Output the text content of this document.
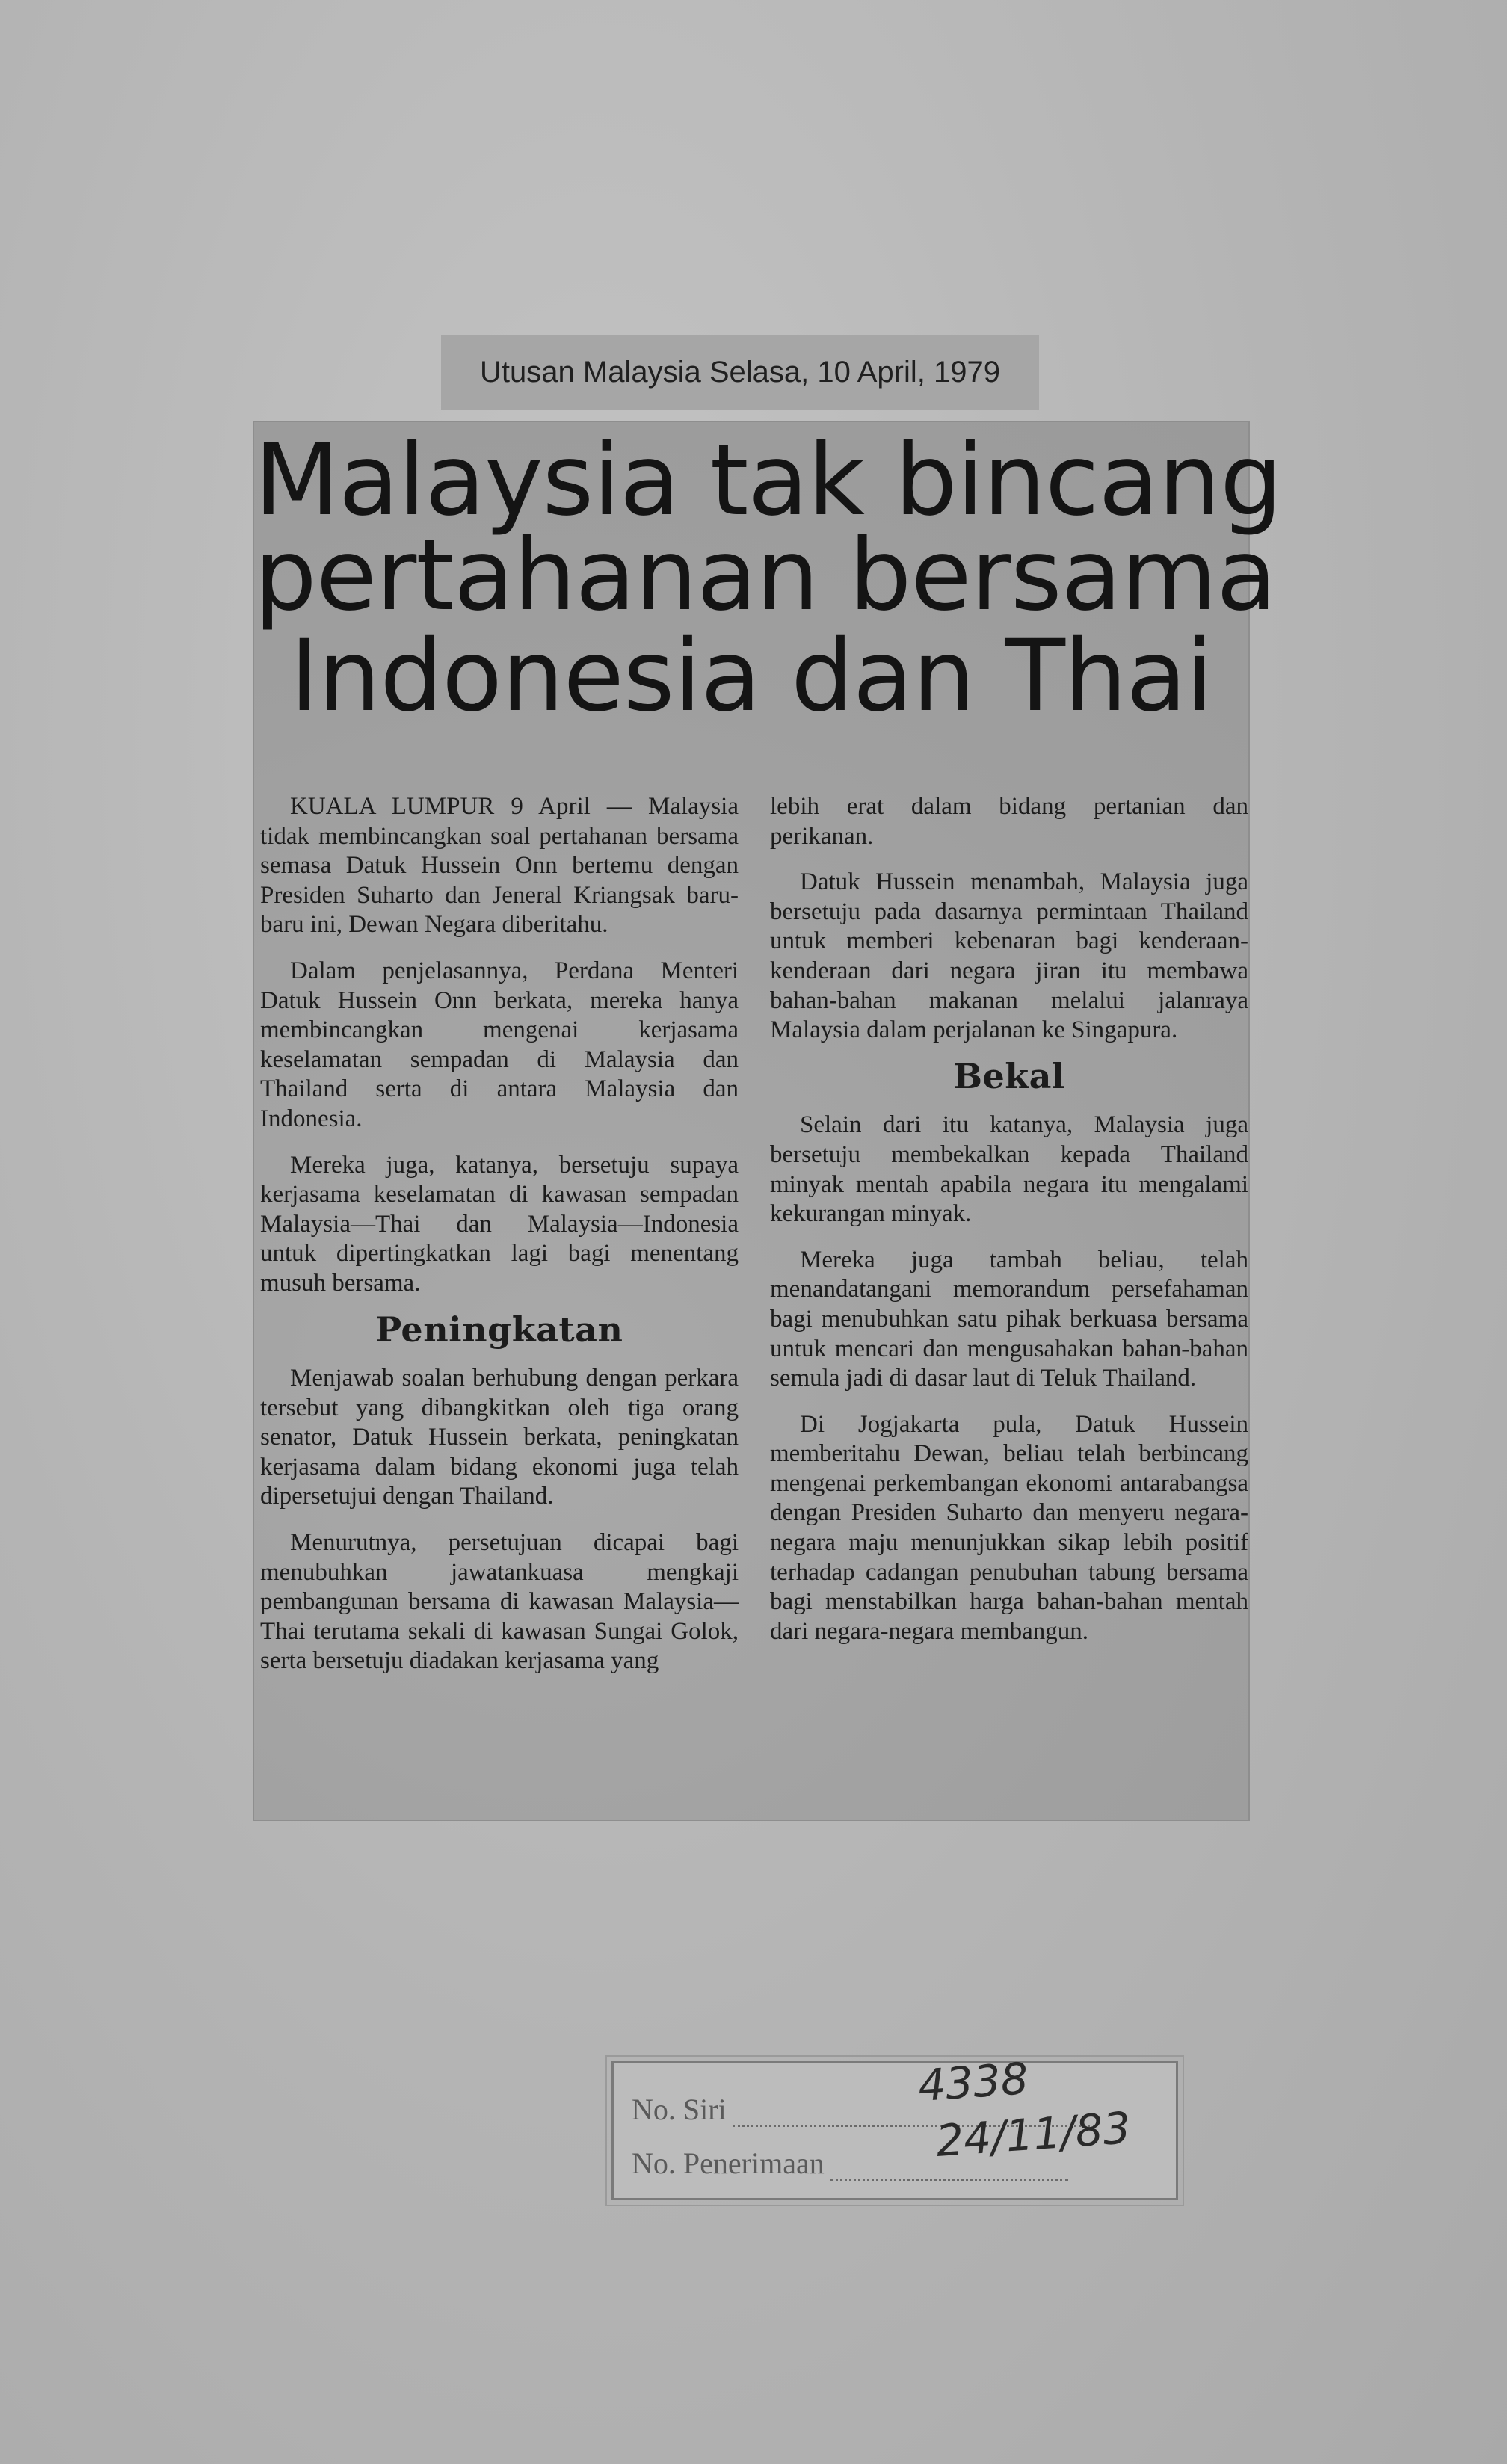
Utusan Malaysia Selasa, 10 April, 1979
Malaysia tak bincang
pertahanan bersama
Indonesia dan Thai

KUALA LUMPUR 9 April — Malaysia tidak membincangkan soal pertahanan bersama semasa Datuk Hussein Onn bertemu dengan Presiden Suharto dan Jeneral Kriangsak baru-baru ini, Dewan Negara diberitahu.

Dalam penjelasannya, Perdana Menteri Datuk Hussein Onn berkata, mereka hanya membincangkan mengenai kerjasama keselamatan sempadan di Malaysia dan Thailand serta di antara Malaysia dan Indonesia.

Mereka juga, katanya, bersetuju supaya kerjasama keselamatan di kawasan sempadan Malaysia—Thai dan Malaysia—Indonesia untuk dipertingkatkan lagi bagi menentang musuh bersama.

Peningkatan

Menjawab soalan berhubung dengan perkara tersebut yang dibangkitkan oleh tiga orang senator, Datuk Hussein berkata, peningkatan kerjasama dalam bidang ekonomi juga telah dipersetujui dengan Thailand.

Menurutnya, persetujuan dicapai bagi menubuhkan jawatankuasa mengkaji pembangunan bersama di kawasan Malaysia—Thai terutama sekali di kawasan Sungai Golok, serta bersetuju diadakan kerjasama yang

lebih erat dalam bidang pertanian dan perikanan.

Datuk Hussein menambah, Malaysia juga bersetuju pada dasarnya permintaan Thailand untuk memberi kebenaran bagi kenderaan-kenderaan dari negara jiran itu membawa bahan-bahan makanan melalui jalanraya Malaysia dalam perjalanan ke Singapura.

Bekal

Selain dari itu katanya, Malaysia juga bersetuju membekalkan kepada Thailand minyak mentah apabila negara itu mengalami kekurangan minyak.

Mereka juga tambah beliau, telah menandatangani memorandum persefahaman bagi menubuhkan satu pihak berkuasa bersama untuk mencari dan mengusahakan bahan-bahan semula jadi di dasar laut di Teluk Thailand.

Di Jogjakarta pula, Datuk Hussein memberitahu Dewan, beliau telah berbincang mengenai perkembangan ekonomi antarabangsa dengan Presiden Suharto dan menyeru negara-negara maju menunjukkan sikap lebih positif terhadap cadangan penubuhan tabung bersama bagi menstabilkan harga bahan-bahan mentah dari negara-negara membangun.

No. Siri
No. Penerimaan
4338
24/11/83
